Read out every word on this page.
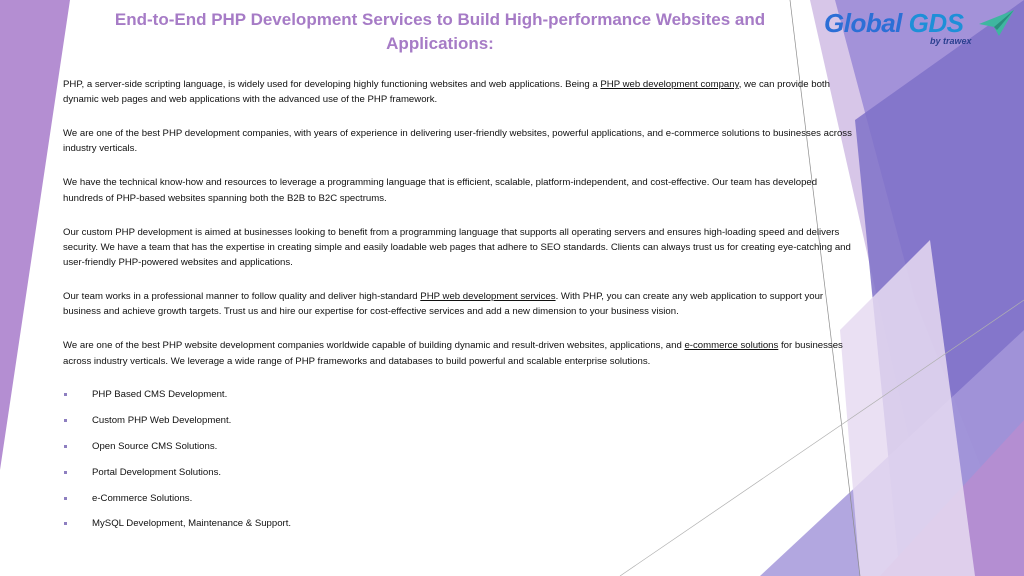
End-to-End PHP Development Services to Build High-performance Websites and Applications:
Global GDS
by trawex

PHP, a server-side scripting language, is widely used for developing highly functioning websites and web applications. Being a PHP web development company, we can provide both dynamic web pages and web applications with the advanced use of the PHP framework.

We are one of the best PHP development companies, with years of experience in delivering user-friendly websites, powerful applications, and e-commerce solutions to businesses across industry verticals.

We have the technical know-how and resources to leverage a programming language that is efficient, scalable, platform-independent, and cost-effective. Our team has developed hundreds of PHP-based websites spanning both the B2B to B2C spectrums.

Our custom PHP development is aimed at businesses looking to benefit from a programming language that supports all operating servers and ensures high-loading speed and delivers security. We have a team that has the expertise in creating simple and easily loadable web pages that adhere to SEO standards. Clients can always trust us for creating eye-catching and user-friendly PHP-powered websites and applications.

Our team works in a professional manner to follow quality and deliver high-standard PHP web development services. With PHP, you can create any web application to support your business and achieve growth targets. Trust us and hire our expertise for cost-effective services and add a new dimension to your business vision.

We are one of the best PHP website development companies worldwide capable of building dynamic and result-driven websites, applications, and e-commerce solutions for businesses across industry verticals. We leverage a wide range of PHP frameworks and databases to build powerful and scalable enterprise solutions.

PHP Based CMS Development.
Custom PHP Web Development.
Open Source CMS Solutions.
Portal Development Solutions.
e-Commerce Solutions.
MySQL Development, Maintenance & Support.
